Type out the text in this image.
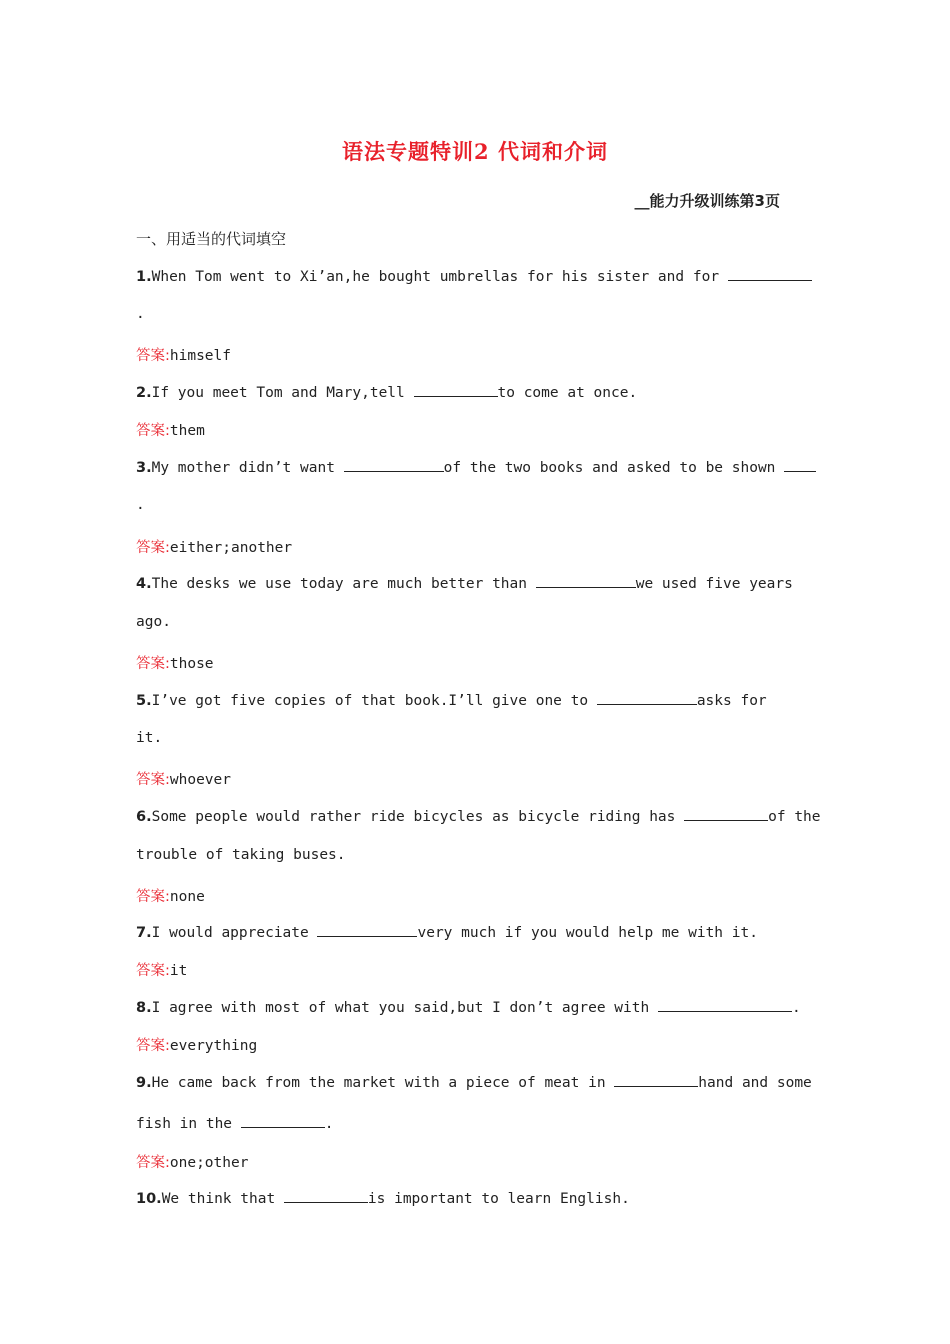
语法专题特训2 代词和介词
__能力升级训练第3页
一、用适当的代词填空
1.When Tom went to Xi’an,he bought umbrellas for his sister and for
.
答案:himself
2.If you meet Tom and Mary,tell	to come at once.
答案:them
3.My mother didn’t want	of the two books and asked to be shown
.
答案:either;another
4.The desks we use today are much better than	we used five years
ago.
答案:those
5.I’ve got five copies of that book.I’ll give one to	asks for
it.
答案:whoever
6.Some people would rather ride bicycles as bicycle riding has	of the
trouble of taking buses.
答案:none
7.I would appreciate	very much if you would help me with it.
答案:it
8.I agree with most of what you said,but I don’t agree with	.
答案:everything
9.He came back from the market with a piece of meat in	hand and some
fish in the	.
答案:one;other
10.We think that	is important to learn English.
